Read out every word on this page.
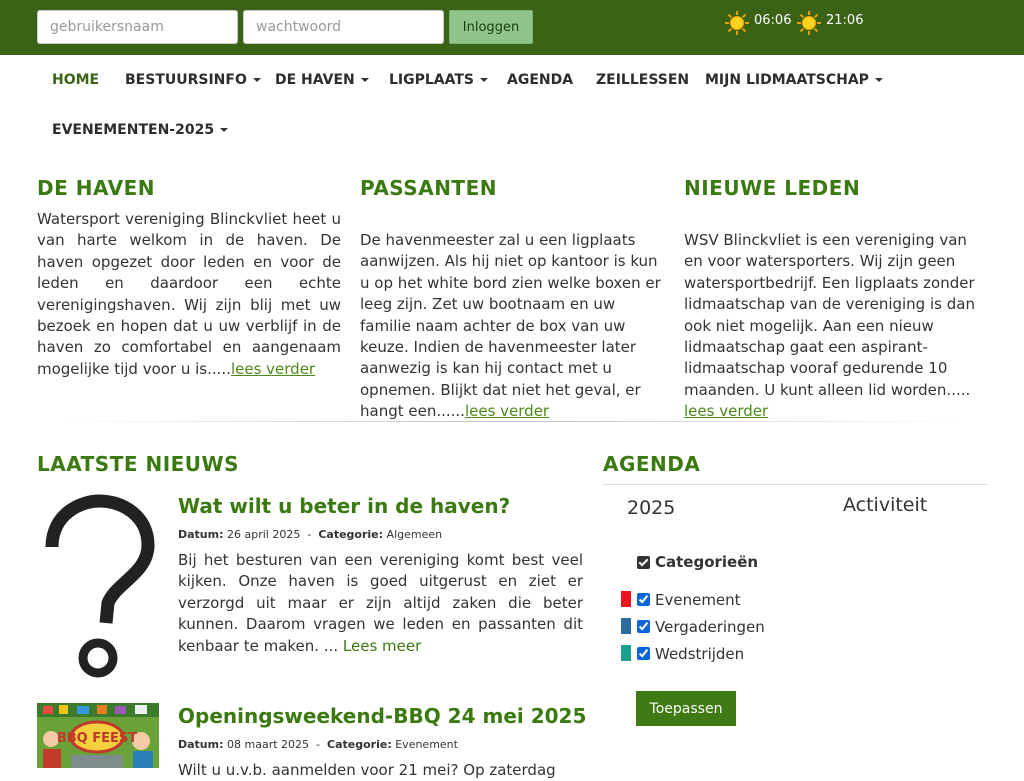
gebruikersnaam
Inloggen	06:06	21:06
HOME BESTUURSINFO	DE HAVEN	LIGPLAATS	AGENDA ZEILLESSEN MIJN LIDMAATSCHAP
EVENEMENTEN-2025
DE HAVEN

Watersport vereniging Blinckvliet heet u van harte welkom in de haven. De haven opgezet door leden en voor de leden en daardoor een echte verenigingshaven. Wij zijn blij met uw bezoek en hopen dat u uw verblijf in de haven zo comfortabel en aangenaam mogelijke tijd voor u is.....lees verder

PASSANTEN

De havenmeester zal u een ligplaats aanwijzen. Als hij niet op kantoor is kun u op het white bord zien welke boxen er leeg zijn. Zet uw bootnaam en uw familie naam achter de box van uw keuze. Indien de havenmeester later aanwezig is kan hij contact met u opnemen. Blijkt dat niet het geval, er hangt een......lees verder

NIEUWE LEDEN

WSV Blinckvliet is een vereniging van en voor watersporters. Wij zijn geen watersportbedrijf. Een ligplaats zonder lidmaatschap van de vereniging is dan ook niet mogelijk. Aan een nieuw lidmaatschap gaat een aspirant-lidmaatschap vooraf gedurende 10 maanden. U kunt alleen lid worden..... lees verder

LAATSTE NIEUWS
Wat wilt u beter in de haven?
Datum: 26 april 2025 - Categorie: Algemeen

Bij het besturen van een vereniging komt best veel kijken. Onze haven is goed uitgerust en ziet er verzorgd uit maar er zijn altijd zaken die beter kunnen. Daarom vragen we leden en passanten dit kenbaar te maken. ... Lees meer

BBQ FEEST
Openingsweekend-BBQ 24 mei 2025
Datum: 08 maart 2025 - Categorie: Evenement

Wilt u u.v.b. aanmelden voor 21 mei? Op zaterdag

AGENDA
2025	Activiteit
Categorieën
Evenement
Vergaderingen
Wedstrijden
Toepassen
